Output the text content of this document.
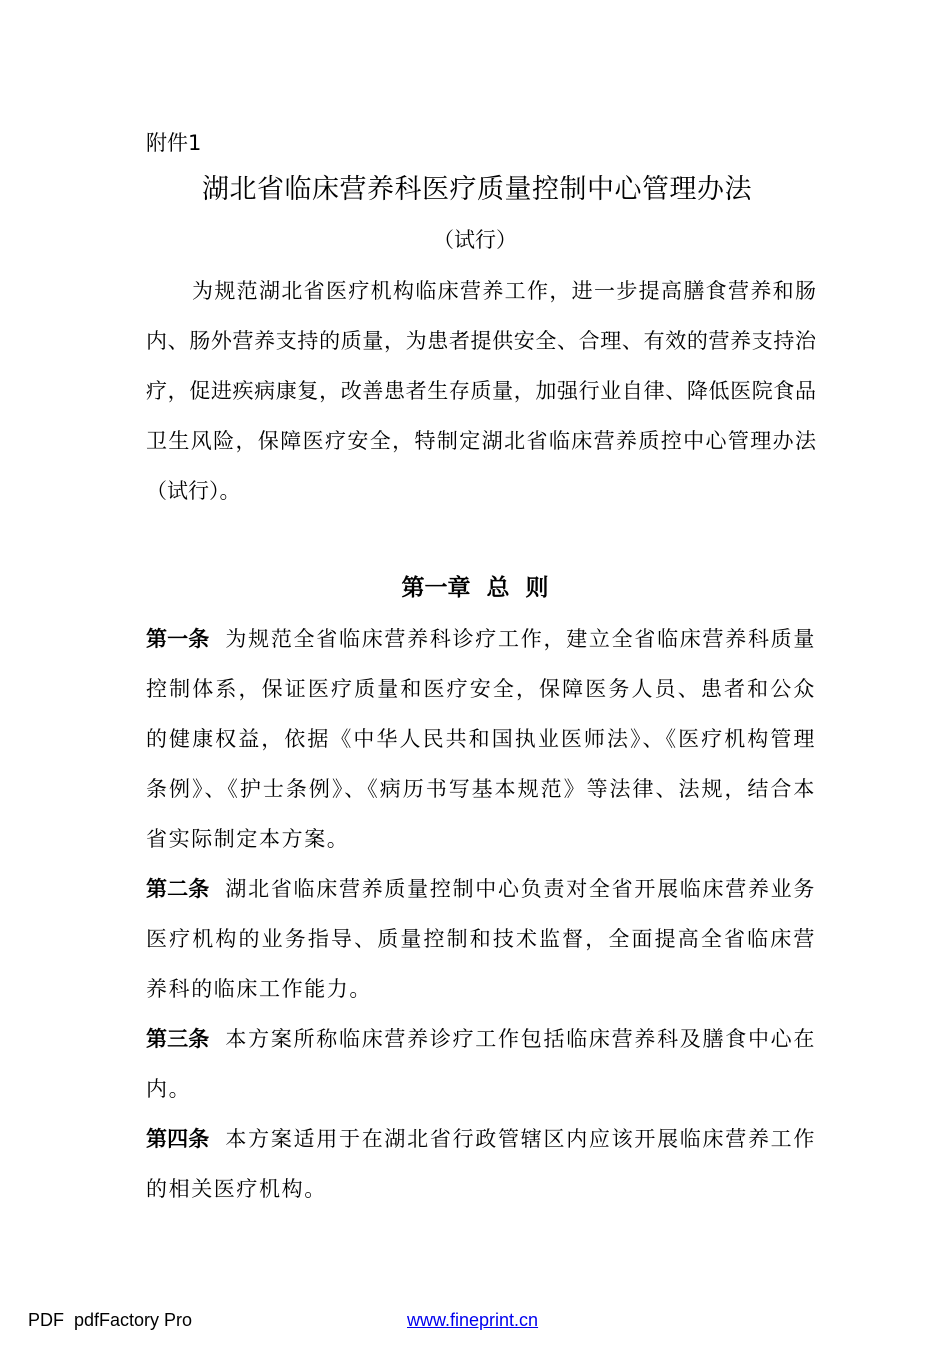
附件1
湖北省临床营养科医疗质量控制中心管理办法
（试行）

为规范湖北省医疗机构临床营养工作，进一步提高膳食营养和肠内、肠外营养支持的质量，为患者提供安全、合理、有效的营养支持治疗，促进疾病康复，改善患者生存质量，加强行业自律、降低医院食品卫生风险，保障医疗安全，特制定湖北省临床营养质控中心管理办法（试行）。

第一章  总  则

第一条 为规范全省临床营养科诊疗工作，建立全省临床营养科质量控制体系，保证医疗质量和医疗安全，保障医务人员、患者和公众的健康权益，依据《中华人民共和国执业医师法》、《医疗机构管理条例》、《护士条例》、《病历书写基本规范》等法律、法规，结合本省实际制定本方案。

第二条 湖北省临床营养质量控制中心负责对全省开展临床营养业务医疗机构的业务指导、质量控制和技术监督，全面提高全省临床营养科的临床工作能力。

第三条 本方案所称临床营养诊疗工作包括临床营养科及膳食中心在内。

第四条 本方案适用于在湖北省行政管辖区内应该开展临床营养工作的相关医疗机构。

PDF  pdfFactory Pro	www.fineprint.cn
